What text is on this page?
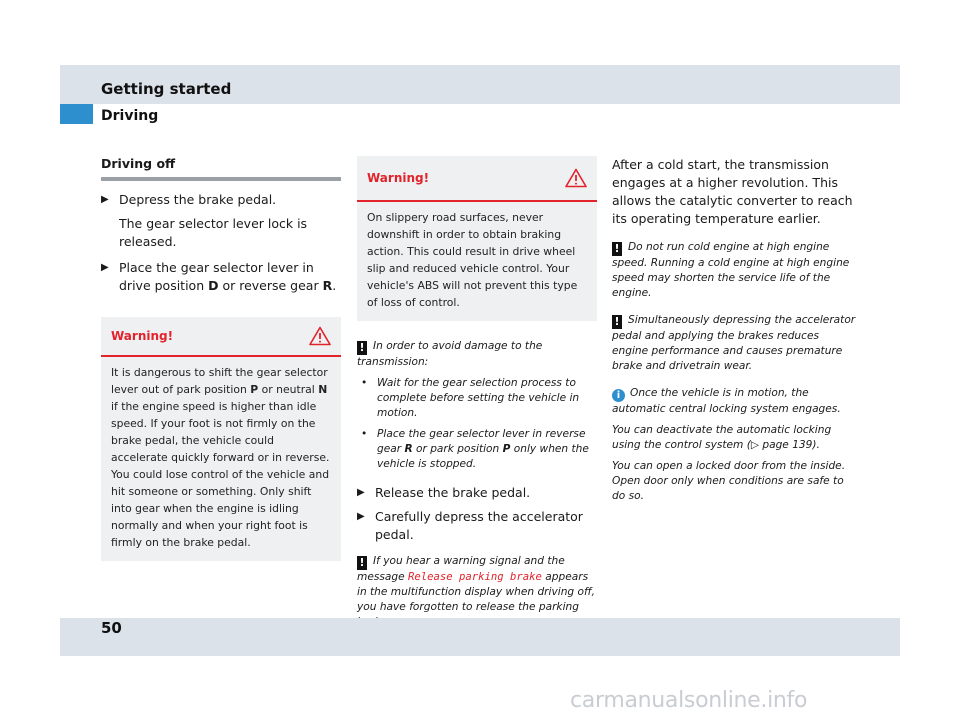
Getting started
Driving
Driving off
▶ Depress the brake pedal.
The gear selector lever lock is released.
▶ Place the gear selector lever in drive position D or reverse gear R.
Warning!
It is dangerous to shift the gear selector lever out of park position P or neutral N if the engine speed is higher than idle speed. If your foot is not firmly on the brake pedal, the vehicle could accelerate quickly forward or in reverse. You could lose control of the vehicle and hit someone or something. Only shift into gear when the engine is idling normally and when your right foot is firmly on the brake pedal.
Warning!
On slippery road surfaces, never downshift in order to obtain braking action. This could result in drive wheel slip and reduced vehicle control. Your vehicle's ABS will not prevent this type of loss of control.

! In order to avoid damage to the transmission:

• Wait for the gear selection process to complete before setting the vehicle in motion.

• Place the gear selector lever in reverse gear R or park position P only when the vehicle is stopped.

▶ Release the brake pedal.
▶ Carefully depress the accelerator pedal.

! If you hear a warning signal and the message Release parking brake appears in the multifunction display when driving off, you have forgotten to release the parking

After a cold start, the transmission engages at a higher revolution. This allows the catalytic converter to reach its operating temperature earlier.
! Do not run cold engine at high engine speed. Running a cold engine at high engine speed may shorten the service life of the engine.
! Simultaneously depressing the accelerator pedal and applying the brakes reduces engine performance and causes premature brake and drivetrain wear.

i Once the vehicle is in motion, the automatic central locking system engages.

You can deactivate the automatic locking using the control system (▷ page 139).

You can open a locked door from the inside. Open door only when conditions are safe to do so.

50
carmanualsonline.info
